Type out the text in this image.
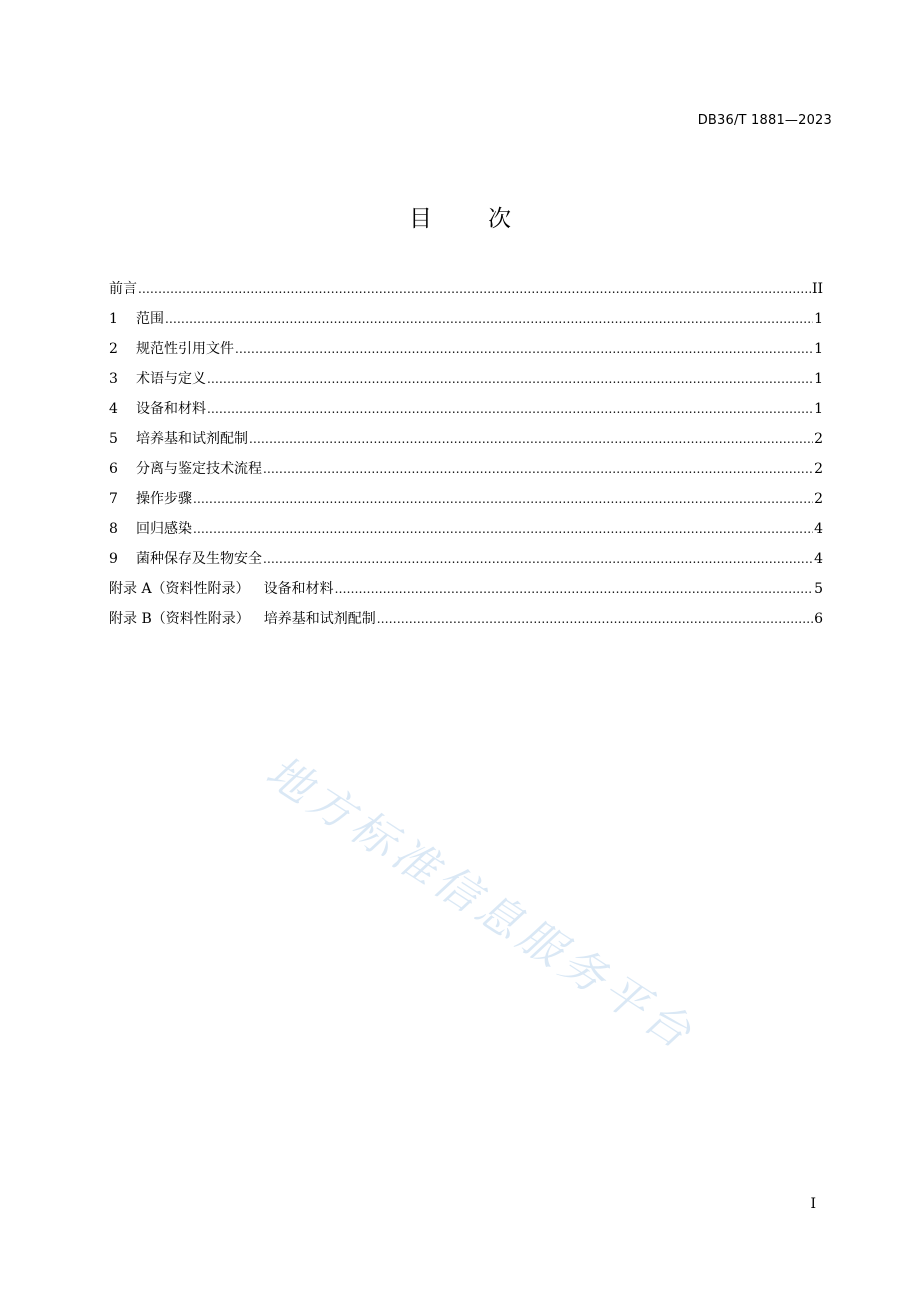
DB36/T 1881—2023
目 次
前言 .....	II
1	范围 .....	1
2	规范性引用文件 .....	1
3	术语与定义 .....	1
4	设备和材料 .....	1
5	培养基和试剂配制 .....	2
6	分离与鉴定技术流程 .....	2
7	操作步骤 .....	2
8	回归感染 .....	4
9	菌种保存及生物安全 .....	4
附录 A（资料性附录） 设备和材料 .....	5
附录 B（资料性附录） 培养基和试剂配制 .....	6
地方标准信息服务平台
I
